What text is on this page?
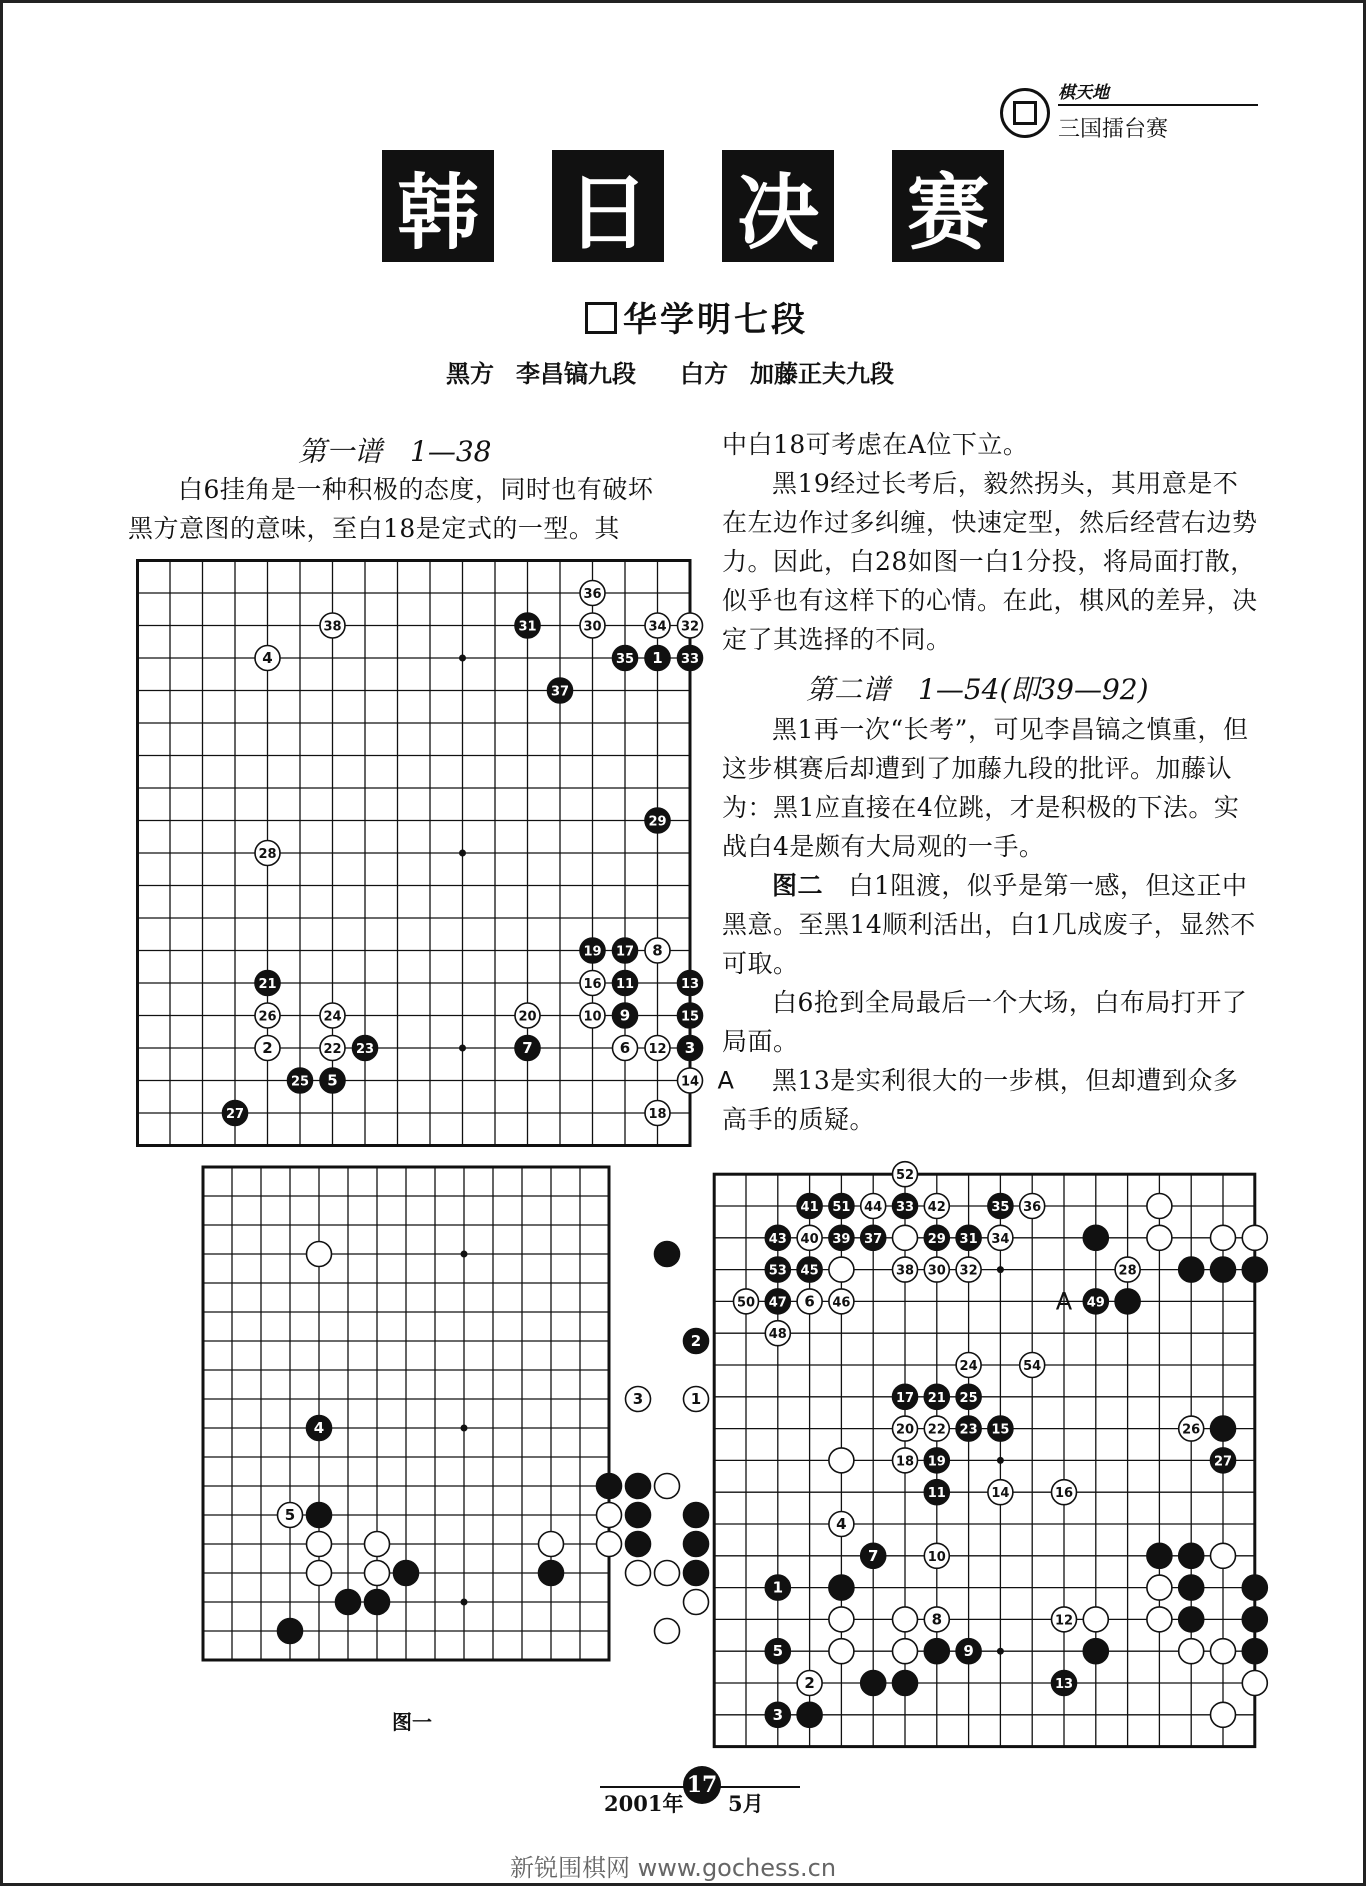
棋天地
三国擂台赛
韩 日 决 赛
华学明七段
黑方 李昌镐九段 白方 加藤正夫九段
第一谱　1—38

白6挂角是一种积极的态度，同时也有破坏黑方意图的意味，至白18是定式的一型。其

中白18可考虑在A位下立。

黑19经过长考后，毅然拐头，其用意是不在左边作过多纠缠，快速定型，然后经营右边势力。因此，白28如图一白1分投，将局面打散，似乎也有这样下的心情。在此，棋风的差异，决定了其选择的不同。

第二谱　1—54(即39—92)

黑1再一次“长考”，可见李昌镐之慎重，但这步棋赛后却遭到了加藤九段的批评。加藤认为：黑1应直接在4位跳，才是积极的下法。实战白4是颇有大局观的一手。

图二　 白1阻渡，似乎是第一感，但这正中黑意。至黑14顺利活出，白1几成废子，显然不可取。

白6抢到全局最后一个大场，白布局打开了局面。

黑13是实利很大的一步棋，但却遭到众多高手的质疑。

36
38	31	30	34 32
4	35 1 33
37
29
28
19 17 8
21	16 11	13
26	24	20	10 9	15
2	22 23	7	6 12 3
25 5	14
27	18
A
2
3	1
4
5
52
41 51 44 33 42	35 36
43 40 39 37	29 31 34
53 45	38 30 32	28
50 47 6 46	49
48
24	54
17 21 25
20 22 23 15	26
18 19	27
11	14	16
4
7	10
1
8	12
5	9
2	13
3
A
图一
2001年
17
5月
新锐围棋网 www.gochess.cn
